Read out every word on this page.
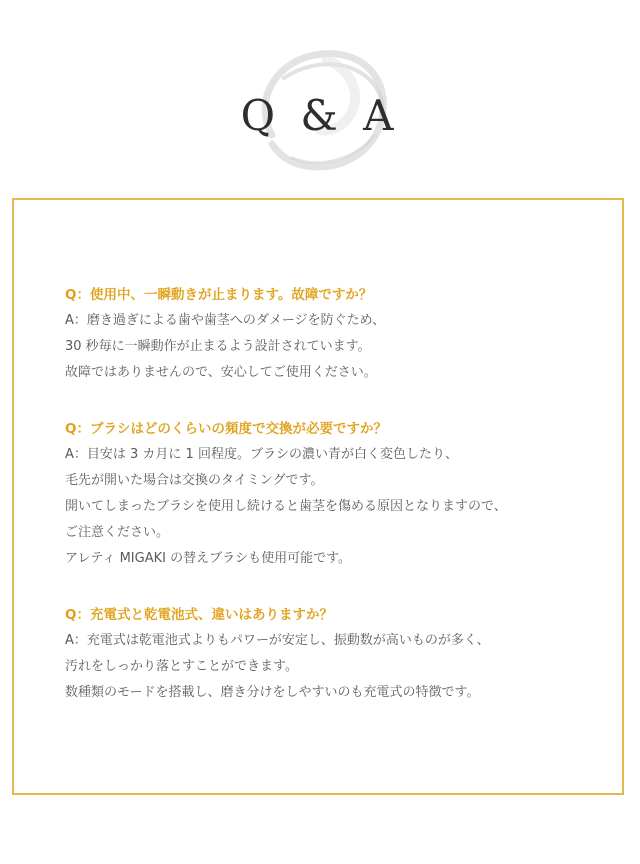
Q & A
Q：使用中、一瞬動きが止まります。故障ですか？
A：磨き過ぎによる歯や歯茎へのダメージを防ぐため、
30 秒毎に一瞬動作が止まるよう設計されています。
故障ではありませんので、安心してご使用ください。
Q：ブラシはどのくらいの頻度で交換が必要ですか？
A：目安は 3 カ月に 1 回程度。ブラシの濃い青が白く変色したり、
毛先が開いた場合は交換のタイミングです。
開いてしまったブラシを使用し続けると歯茎を傷める原因となりますので、
ご注意ください。
アレティ MIGAKI の替えブラシも使用可能です。
Q：充電式と乾電池式、違いはありますか？
A：充電式は乾電池式よりもパワーが安定し、振動数が高いものが多く、
汚れをしっかり落とすことができます。
数種類のモードを搭載し、磨き分けをしやすいのも充電式の特徴です。
